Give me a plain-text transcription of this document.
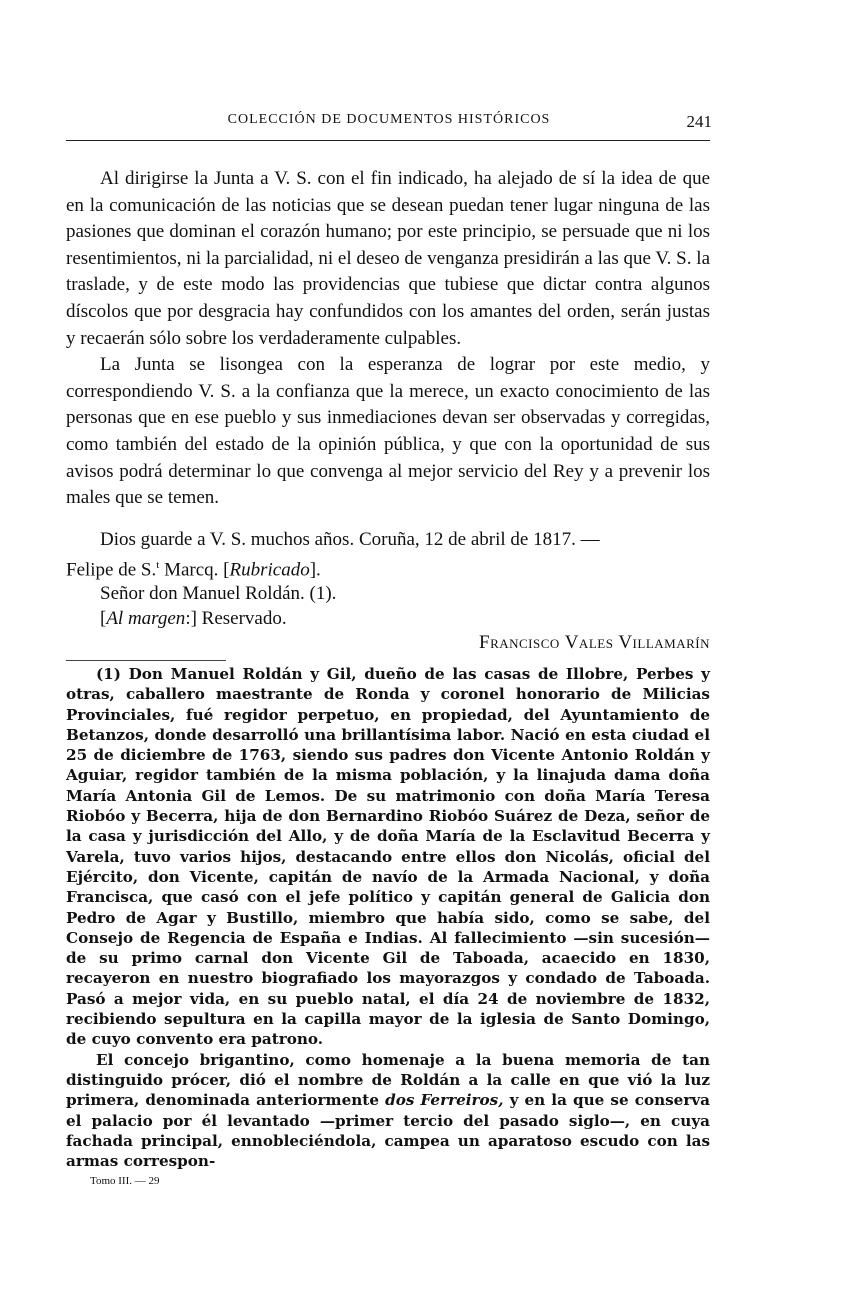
COLECCIÓN DE DOCUMENTOS HISTÓRICOS	241

Al dirigirse la Junta a V. S. con el fin indicado, ha alejado de sí la idea de que en la comunicación de las noticias que se desean puedan tener lugar ninguna de las pasiones que dominan el corazón humano; por este principio, se persuade que ni los resentimientos, ni la parcialidad, ni el deseo de venganza presidirán a las que V. S. la traslade, y de este modo las providencias que tubiese que dictar contra algunos díscolos que por desgracia hay confundidos con los amantes del orden, serán justas y recaerán sólo sobre los verdaderamente culpables.

La Junta se lisongea con la esperanza de lograr por este medio, y correspondiendo V. S. a la confianza que la merece, un exacto conocimiento de las personas que en ese pueblo y sus inmediaciones devan ser observadas y corregidas, como también del estado de la opinión pública, y que con la oportunidad de sus avisos podrá determinar lo que convenga al mejor servicio del Rey y a prevenir los males que se temen.

Dios guarde a V. S. muchos años. Coruña, 12 de abril de 1817. —
Felipe de S.$^t$ Marcq. [Rubricado].
Señor don Manuel Roldán. (1).
[Al margen:] Reservado.
Francisco Vales Villamarín

(1) Don Manuel Roldán y Gil, dueño de las casas de Illobre, Perbes y otras, caballero maestrante de Ronda y coronel honorario de Milicias Provinciales, fué regidor perpetuo, en propiedad, del Ayuntamiento de Betanzos, donde desarrolló una brillantísima labor. Nació en esta ciudad el 25 de diciembre de 1763, siendo sus padres don Vicente Antonio Roldán y Aguiar, regidor también de la misma población, y la linajuda dama doña María Antonia Gil de Lemos. De su matrimonio con doña María Teresa Riobóo y Becerra, hija de don Bernardino Riobóo Suárez de Deza, señor de la casa y jurisdicción del Allo, y de doña María de la Esclavitud Becerra y Varela, tuvo varios hijos, destacando entre ellos don Nicolás, oficial del Ejército, don Vicente, capitán de navío de la Armada Nacional, y doña Francisca, que casó con el jefe político y capitán general de Galicia don Pedro de Agar y Bustillo, miembro que había sido, como se sabe, del Consejo de Regencia de España e Indias. Al fallecimiento —sin sucesión— de su primo carnal don Vicente Gil de Taboada, acaecido en 1830, recayeron en nuestro biografiado los mayorazgos y condado de Taboada. Pasó a mejor vida, en su pueblo natal, el día 24 de noviembre de 1832, recibiendo sepultura en la capilla mayor de la iglesia de Santo Domingo, de cuyo convento era patrono.

El concejo brigantino, como homenaje a la buena memoria de tan distinguido prócer, dió el nombre de Roldán a la calle en que vió la luz primera, denominada anteriormente dos Ferreiros, y en la que se conserva el palacio por él levantado —primer tercio del pasado siglo—, en cuya fachada principal, ennobleciéndola, campea un aparatoso escudo con las armas correspon-

Tomo III. — 29
